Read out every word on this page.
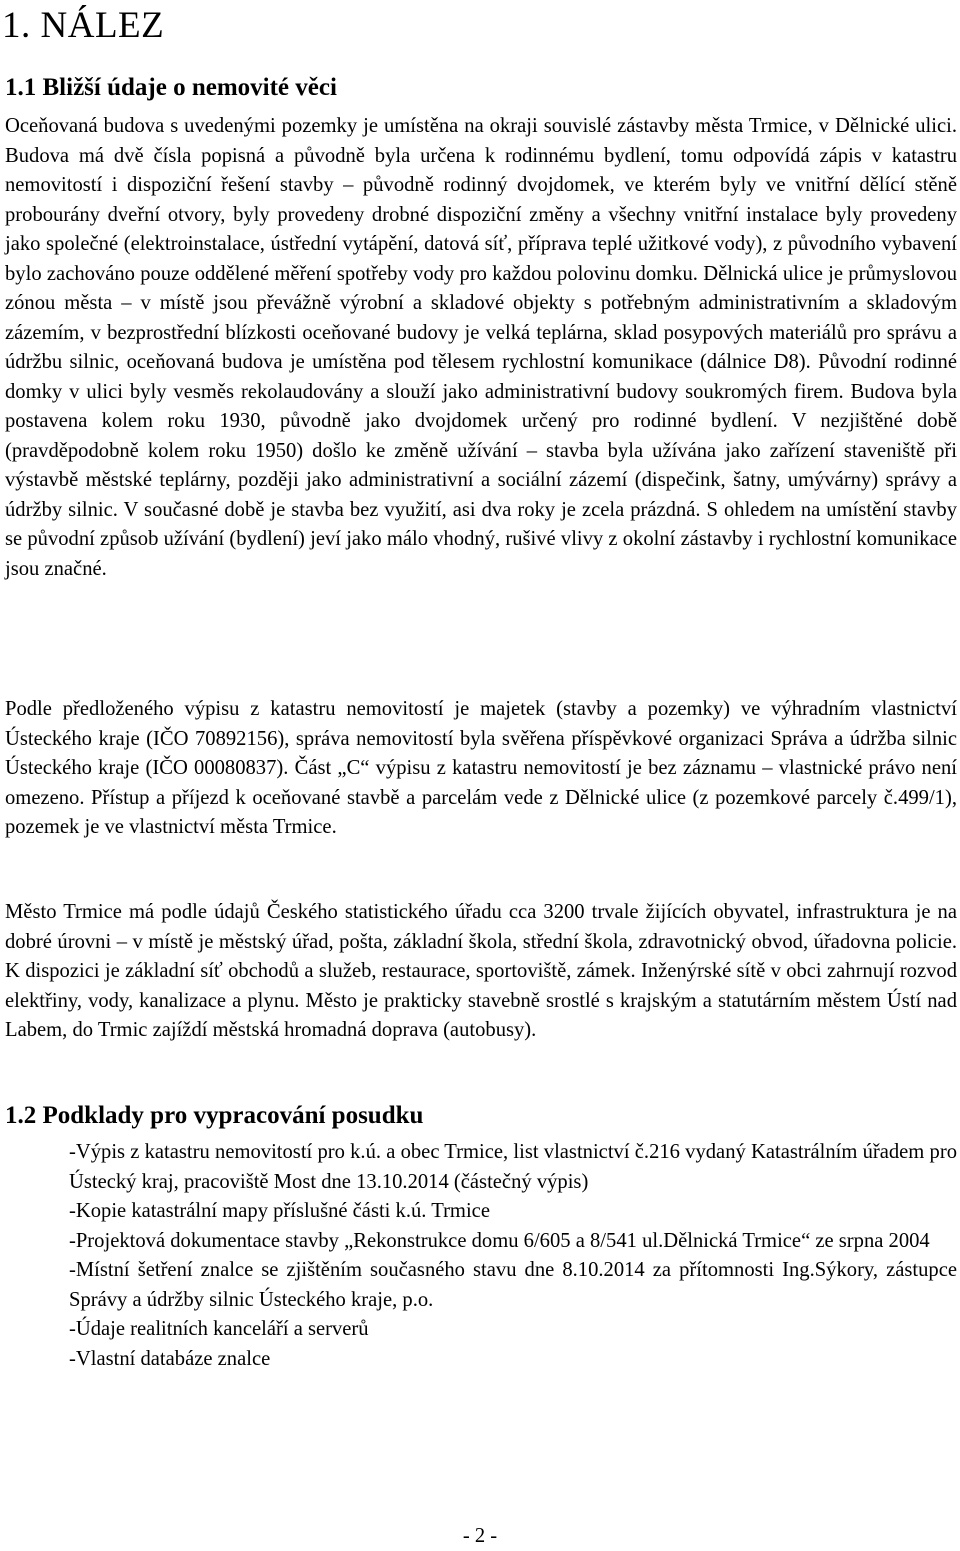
1. NÁLEZ
1.1 Bližší údaje o nemovité věci

Oceňovaná budova s uvedenými pozemky je umístěna na okraji souvislé zástavby města Trmice, v Dělnické ulici. Budova má dvě čísla popisná a původně byla určena k rodinnému bydlení, tomu odpovídá zápis v katastru nemovitostí i dispoziční řešení stavby – původně rodinný dvojdomek, ve kterém byly ve vnitřní dělící stěně probourány dveřní otvory, byly provedeny drobné dispoziční změny a všechny vnitřní instalace byly provedeny jako společné (elektroinstalace, ústřední vytápění, datová síť, příprava teplé užitkové vody), z původního vybavení bylo zachováno pouze oddělené měření spotřeby vody pro každou polovinu domku. Dělnická ulice je průmyslovou zónou města – v místě jsou převážně výrobní a skladové objekty s potřebným administrativním a skladovým zázemím, v bezprostřední blízkosti oceňované budovy je velká teplárna, sklad posypových materiálů pro správu a údržbu silnic, oceňovaná budova je umístěna pod tělesem rychlostní komunikace (dálnice D8). Původní rodinné domky v ulici byly vesměs rekolaudovány a slouží jako administrativní budovy soukromých firem. Budova byla postavena kolem roku 1930, původně jako dvojdomek určený pro rodinné bydlení. V nezjištěné době (pravděpodobně kolem roku 1950) došlo ke změně užívání – stavba byla užívána jako zařízení staveniště při výstavbě městské teplárny, později jako administrativní a sociální zázemí (dispečink, šatny, umývárny) správy a údržby silnic. V současné době je stavba bez využití, asi dva roky je zcela prázdná. S ohledem na umístění stavby se původní způsob užívání (bydlení) jeví jako málo vhodný, rušivé vlivy z okolní zástavby i rychlostní komunikace jsou značné.

Podle předloženého výpisu z katastru nemovitostí je majetek (stavby a pozemky) ve výhradním vlastnictví Ústeckého kraje (IČO 70892156), správa nemovitostí byla svěřena příspěvkové organizaci Správa a údržba silnic Ústeckého kraje (IČO 00080837). Část „C“ výpisu z katastru nemovitostí je bez záznamu – vlastnické právo není omezeno. Přístup a příjezd k oceňované stavbě a parcelám vede z Dělnické ulice (z pozemkové parcely č.499/1), pozemek je ve vlastnictví města Trmice.

Město Trmice má podle údajů Českého statistického úřadu cca 3200 trvale žijících obyvatel, infrastruktura je na dobré úrovni – v místě je městský úřad, pošta, základní škola, střední škola, zdravotnický obvod, úřadovna policie. K dispozici je základní síť obchodů a služeb, restaurace, sportoviště, zámek. Inženýrské sítě v obci zahrnují rozvod elektřiny, vody, kanalizace a plynu. Město je prakticky stavebně srostlé s krajským a statutárním městem Ústí nad Labem, do Trmic zajíždí městská hromadná doprava (autobusy).

1.2 Podklady pro vypracování posudku
-Výpis z katastru nemovitostí pro k.ú. a obec Trmice, list vlastnictví č.216 vydaný Katastrálním úřadem pro Ústecký kraj, pracoviště Most dne 13.10.2014 (částečný výpis)
-Kopie katastrální mapy příslušné části k.ú. Trmice
-Projektová dokumentace stavby „Rekonstrukce domu 6/605 a 8/541 ul.Dělnická Trmice“ ze srpna 2004
-Místní šetření znalce se zjištěním současného stavu dne 8.10.2014 za přítomnosti Ing.Sýkory, zástupce Správy a údržby silnic Ústeckého kraje, p.o.
-Údaje realitních kanceláří a serverů
-Vlastní databáze znalce
- 2 -
